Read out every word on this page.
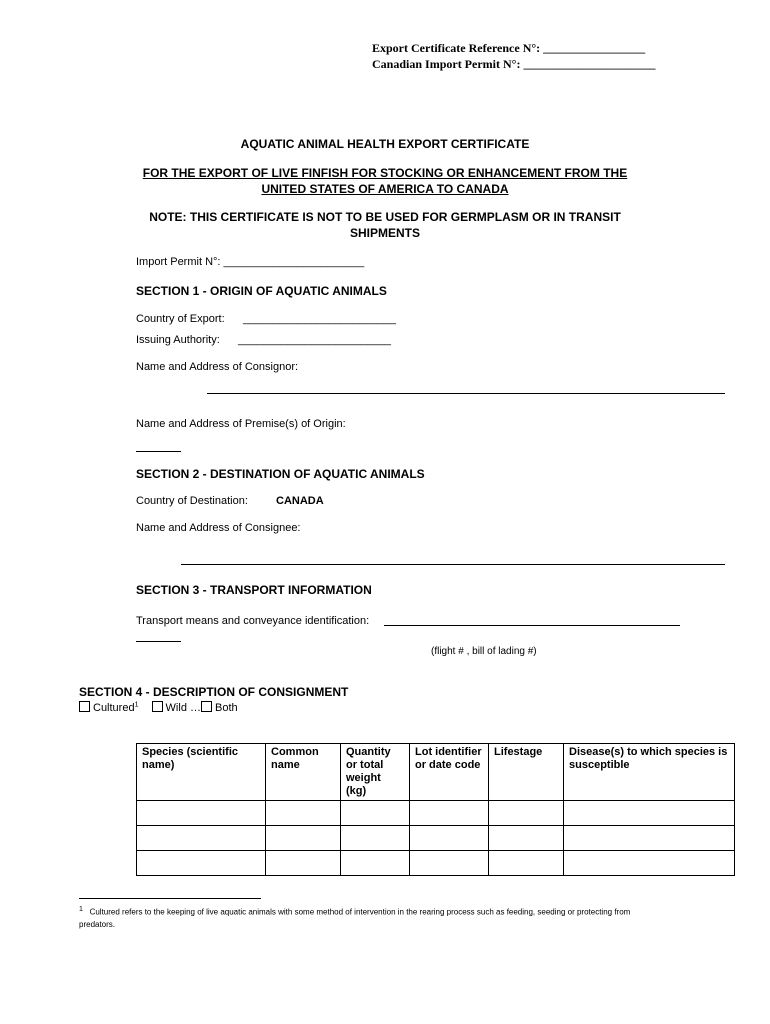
Export Certificate Reference N°: _________________
Canadian Import Permit N°: ______________________
AQUATIC ANIMAL HEALTH EXPORT CERTIFICATE
FOR THE EXPORT OF LIVE FINFISH FOR STOCKING OR ENHANCEMENT FROM THE
UNITED STATES OF AMERICA TO CANADA
NOTE: THIS CERTIFICATE IS NOT TO BE USED FOR GERMPLASM OR IN TRANSIT
SHIPMENTS
Import Permit N°: _______________________
SECTION 1 - ORIGIN OF AQUATIC ANIMALS
Country of Export: _________________________
Issuing Authority: _________________________
Name and Address of Consignor:
Name and Address of Premise(s) of Origin:
SECTION 2 - DESTINATION OF AQUATIC ANIMALS
Country of Destination:	CANADA
Name and Address of Consignee:
SECTION 3 - TRANSPORT INFORMATION
Transport means and conveyance identification:
(flight # , bill of lading #)
SECTION 4 - DESCRIPTION OF CONSIGNMENT
Cultured$^1$ Wild … Both
Species (scientific name)	Common name	Quantity or total weight (kg)	Lot identifier or date code	Lifestage	Disease(s) to which species is susceptible

$^1$ Cultured refers to the keeping of live aquatic animals with some method of intervention in the rearing process such as feeding, seeding or protecting from
predators.
